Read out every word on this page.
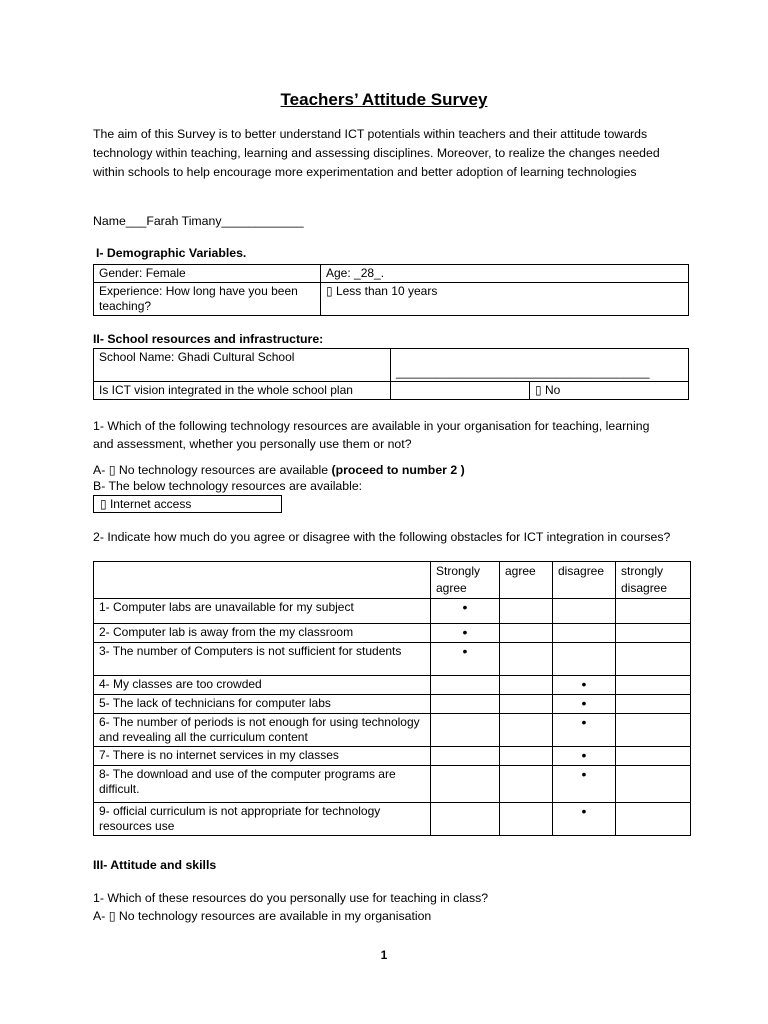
Teachers’ Attitude Survey
The aim of this Survey is to better understand ICT potentials within teachers and their attitude towards technology within teaching, learning and assessing disciplines. Moreover, to realize the changes needed within schools to help encourage more experimentation and better adoption of learning technologies
Name___Farah Timany____________
I- Demographic Variables.
Gender: Female	Age: _28_.
Experience: How long have you been teaching?	▯ Less than 10 years
II- School resources and infrastructure:
School Name: Ghadi Cultural School	______________________________________	
Is ICT vision integrated in the whole school plan		▯ No
1- Which of the following technology resources are available in your organisation for teaching, learning and assessment, whether you personally use them or not?
A- ▯ No technology resources are available (proceed to number 2 )
B- The below technology resources are available:
▯ Internet access
2- Indicate how much do you agree or disagree with the following obstacles for ICT integration in courses?
	Strongly agree	agree	disagree	strongly disagree
1- Computer labs are unavailable for my subject	•			
2- Computer lab is away from the my classroom	•			
3- The number of Computers is not sufficient for students	•			
4- My classes are too crowded			•	
5- The lack of technicians for computer labs			•	
6- The number of periods is not enough for using technology and revealing all the curriculum content			•	
7- There is no internet services in my classes			•	
8- The download and use of the computer programs are difficult.			•	
9- official curriculum is not appropriate for technology resources use			•	
III- Attitude and skills
1- Which of these resources do you personally use for teaching in class?
A- ▯ No technology resources are available in my organisation
1
